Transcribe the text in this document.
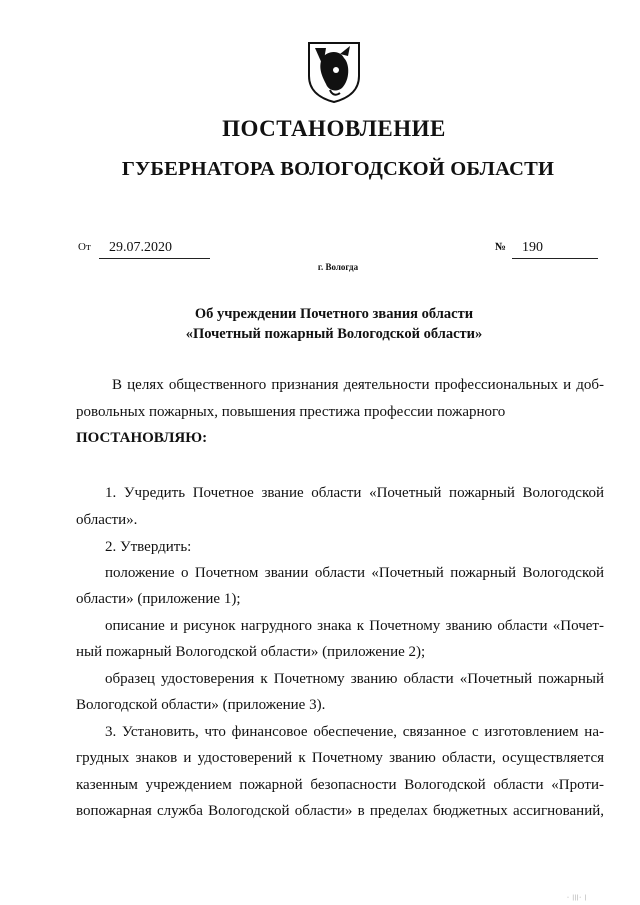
ПОСТАНОВЛЕНИЕ
ГУБЕРНАТОРА ВОЛОГОДСКОЙ ОБЛАСТИ
От 29.07.2020	№ 190
г. Вологда
Об учреждении Почетного звания области
«Почетный пожарный Вологодской области»
В целях общественного признания деятельности профессиональных и доб-
ровольных пожарных, повышения престижа профессии пожарного
ПОСТАНОВЛЯЮ:
1. Учредить Почетное звание области «Почетный пожарный Вологодской
области».
2. Утвердить:
положение о Почетном звании области «Почетный пожарный Вологодской
области» (приложение 1);
описание и рисунок нагрудного знака к Почетному званию области «Почет-
ный пожарный Вологодской области» (приложение 2);
образец удостоверения к Почетному званию области «Почетный пожарный
Вологодской области» (приложение 3).
3. Установить, что финансовое обеспечение, связанное с изготовлением на-
грудных знаков и удостоверений к Почетному званию области, осуществляется
казенным учреждением пожарной безопасности Вологодской области «Проти-
вопожарная служба Вологодской области» в пределах бюджетных ассигнований,
· |||· |
